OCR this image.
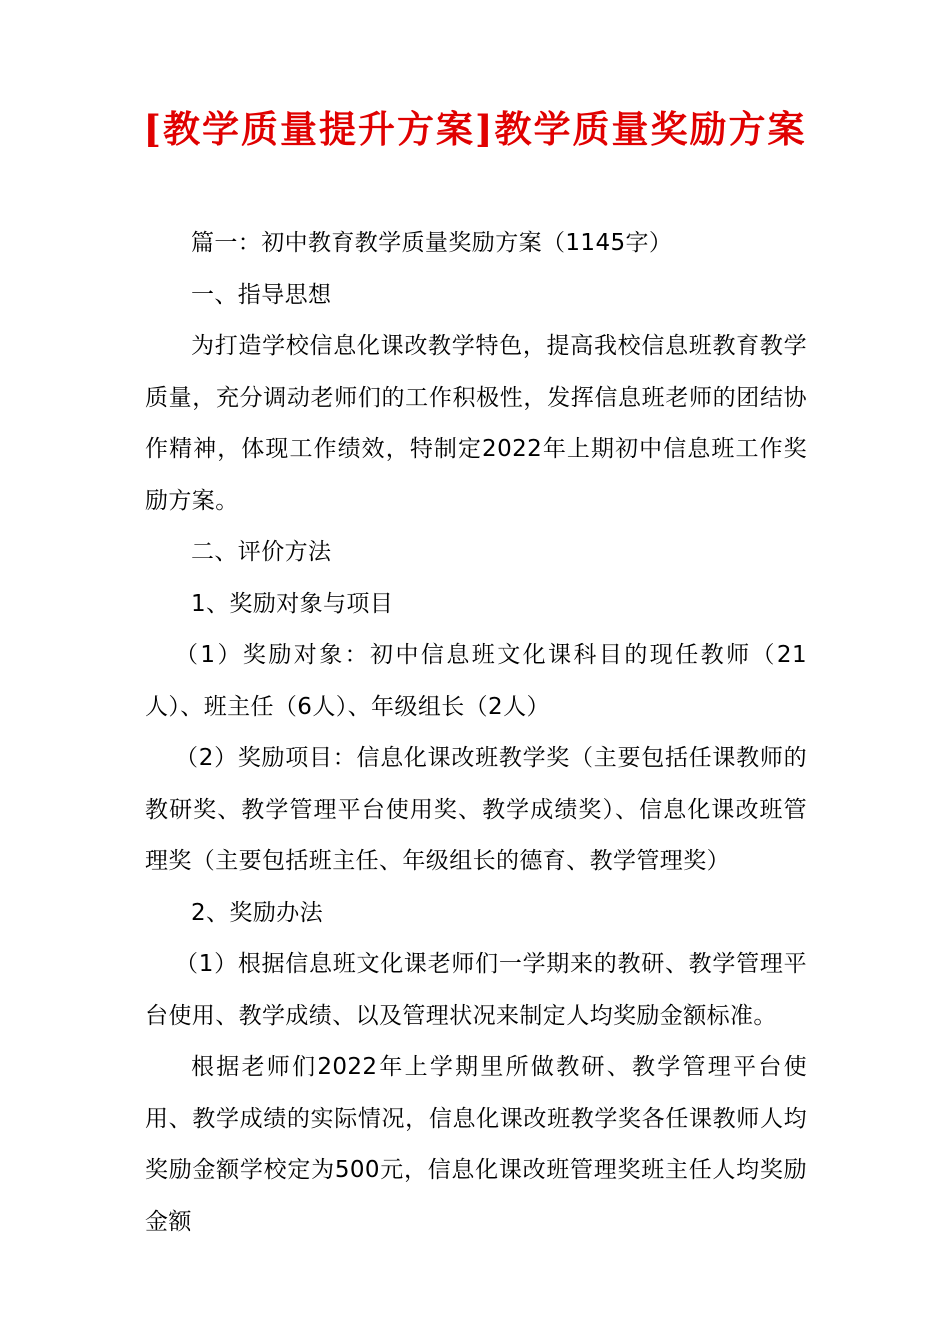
[教学质量提升方案]教学质量奖励方案

篇一：初中教育教学质量奖励方案（1145字）

一、指导思想

为打造学校信息化课改教学特色，提高我校信息班教育教学质量，充分调动老师们的工作积极性，发挥信息班老师的团结协作精神，体现工作绩效，特制定2022年上期初中信息班工作奖励方案。

二、评价方法

1、奖励对象与项目

（1）奖励对象：初中信息班文化课科目的现任教师（21人）、班主任（6人）、年级组长（2人）

（2）奖励项目：信息化课改班教学奖（主要包括任课教师的教研奖、教学管理平台使用奖、教学成绩奖）、信息化课改班管理奖（主要包括班主任、年级组长的德育、教学管理奖）

2、奖励办法

（1）根据信息班文化课老师们一学期来的教研、教学管理平台使用、教学成绩、以及管理状况来制定人均奖励金额标准。

根据老师们2022年上学期里所做教研、教学管理平台使用、教学成绩的实际情况，信息化课改班教学奖各任课教师人均奖励金额学校定为500元，信息化课改班管理奖班主任人均奖励金额
